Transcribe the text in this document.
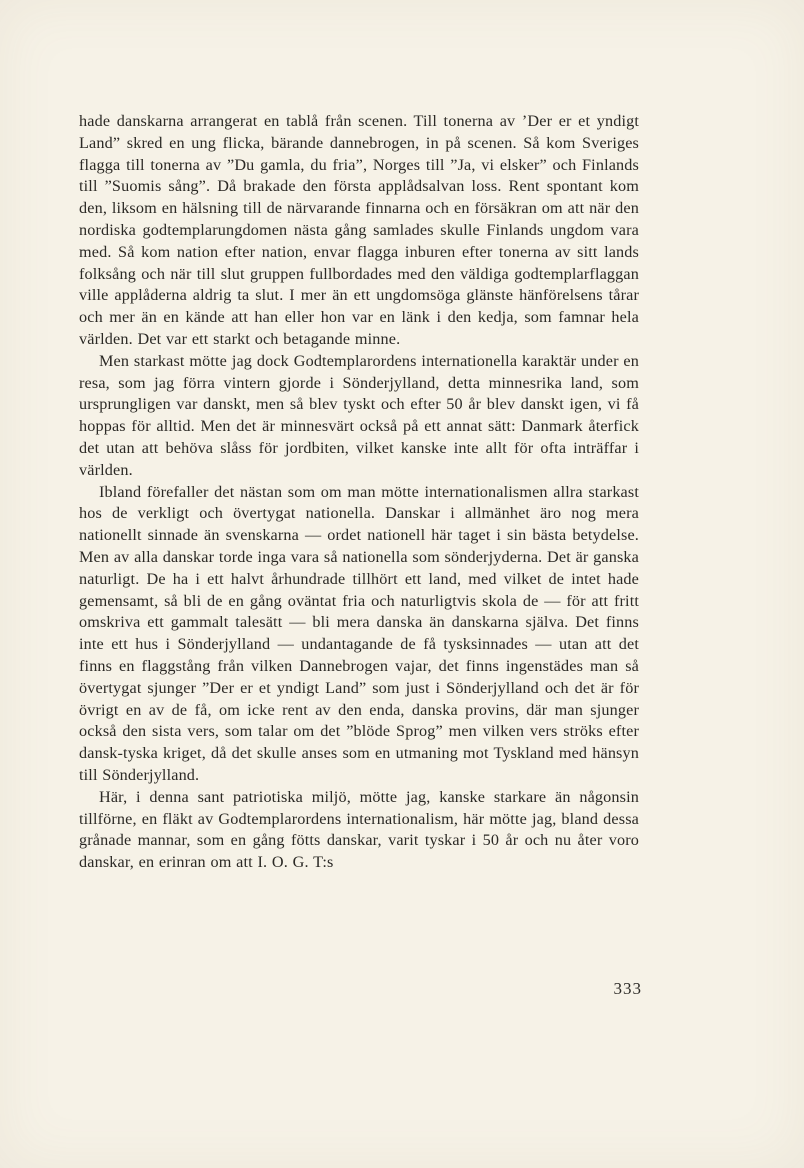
hade danskarna arrangerat en tablå från scenen. Till tonerna av ’Der er et yndigt Land” skred en ung flicka, bärande dannebrogen, in på scenen. Så kom Sveriges flagga till tonerna av ”Du gamla, du fria”, Norges till ”Ja, vi elsker” och Finlands till ”Suomis sång”. Då brakade den första applådsalvan loss. Rent spontant kom den, liksom en hälsning till de närvarande finnarna och en försäkran om att när den nordiska godtemplarungdomen nästa gång samlades skulle Finlands ungdom vara med. Så kom nation efter nation, envar flagga inburen efter tonerna av sitt lands folksång och när till slut gruppen fullbordades med den väldiga godtemplarflaggan ville applåderna aldrig ta slut. I mer än ett ungdomsöga glänste hänförelsens tårar och mer än en kände att han eller hon var en länk i den kedja, som famnar hela världen. Det var ett starkt och betagande minne.

Men starkast mötte jag dock Godtemplarordens internationella karaktär under en resa, som jag förra vintern gjorde i Sönderjylland, detta minnesrika land, som ursprungligen var danskt, men så blev tyskt och efter 50 år blev danskt igen, vi få hoppas för alltid. Men det är minnesvärt också på ett annat sätt: Danmark återfick det utan att behöva slåss för jordbiten, vilket kanske inte allt för ofta inträffar i världen.

Ibland förefaller det nästan som om man mötte internationalismen allra starkast hos de verkligt och övertygat nationella. Danskar i allmänhet äro nog mera nationellt sinnade än svenskarna — ordet nationell här taget i sin bästa betydelse. Men av alla danskar torde inga vara så nationella som sönderjyderna. Det är ganska naturligt. De ha i ett halvt århundrade tillhört ett land, med vilket de intet hade gemensamt, så bli de en gång oväntat fria och naturligtvis skola de — för att fritt omskriva ett gammalt talesätt — bli mera danska än danskarna själva. Det finns inte ett hus i Sönderjylland — undantagande de få tysksinnades — utan att det finns en flaggstång från vilken Dannebrogen vajar, det finns ingenstädes man så övertygat sjunger ”Der er et yndigt Land” som just i Sönderjylland och det är för övrigt en av de få, om icke rent av den enda, danska provins, där man sjunger också den sista vers, som talar om det ”blöde Sprog” men vilken vers ströks efter dansk-tyska kriget, då det skulle anses som en utmaning mot Tyskland med hänsyn till Sönderjylland.

Här, i denna sant patriotiska miljö, mötte jag, kanske starkare än någonsin tillförne, en fläkt av Godtemplarordens internationalism, här mötte jag, bland dessa grånade mannar, som en gång fötts danskar, varit tyskar i 50 år och nu åter voro danskar, en erinran om att I. O. G. T:s

333
